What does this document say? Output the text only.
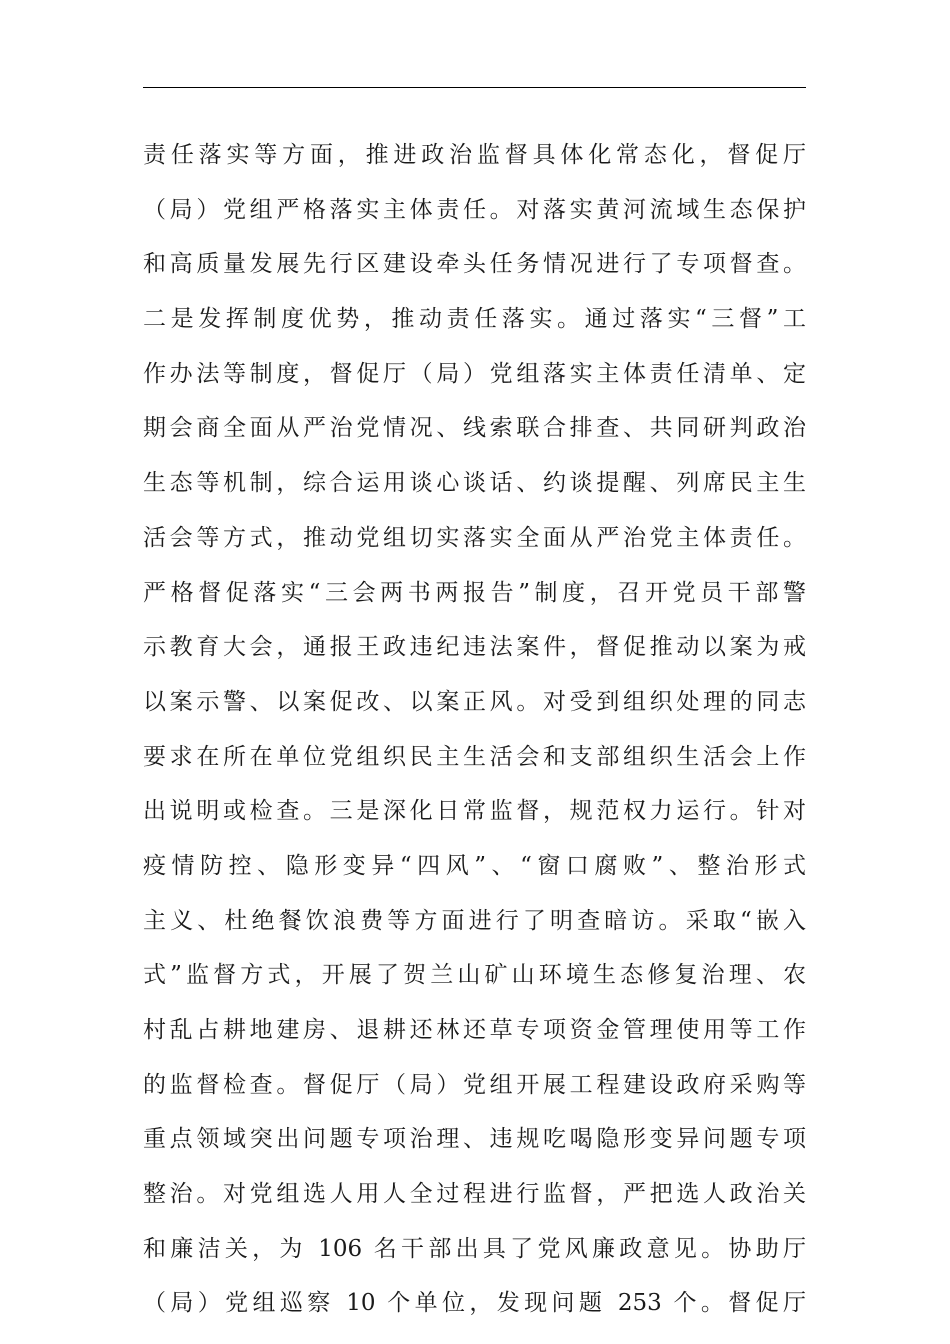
责任落实等方面，推进政治监督具体化常态化，督促厅
（局）党组严格落实主体责任。对落实黄河流域生态保护
和高质量发展先行区建设牵头任务情况进行了专项督查。
二是发挥制度优势，推动责任落实。通过落实“三督”工
作办法等制度，督促厅（局）党组落实主体责任清单、定
期会商全面从严治党情况、线索联合排查、共同研判政治
生态等机制，综合运用谈心谈话、约谈提醒、列席民主生
活会等方式，推动党组切实落实全面从严治党主体责任。
严格督促落实“三会两书两报告”制度，召开党员干部警
示教育大会，通报王政违纪违法案件，督促推动以案为戒
以案示警、以案促改、以案正风。对受到组织处理的同志
要求在所在单位党组织民主生活会和支部组织生活会上作
出说明或检查。三是深化日常监督，规范权力运行。针对
疫情防控、隐形变异“四风”、“窗口腐败”、整治形式
主义、杜绝餐饮浪费等方面进行了明查暗访。采取“嵌入
式”监督方式，开展了贺兰山矿山环境生态修复治理、农
村乱占耕地建房、退耕还林还草专项资金管理使用等工作
的监督检查。督促厅（局）党组开展工程建设政府采购等
重点领域突出问题专项治理、违规吃喝隐形变异问题专项
整治。对党组选人用人全过程进行监督，严把选人政治关
和廉洁关，为 106 名干部出具了党风廉政意见。协助厅
（局）党组巡察 10 个单位，发现问题 253 个。督促厅
